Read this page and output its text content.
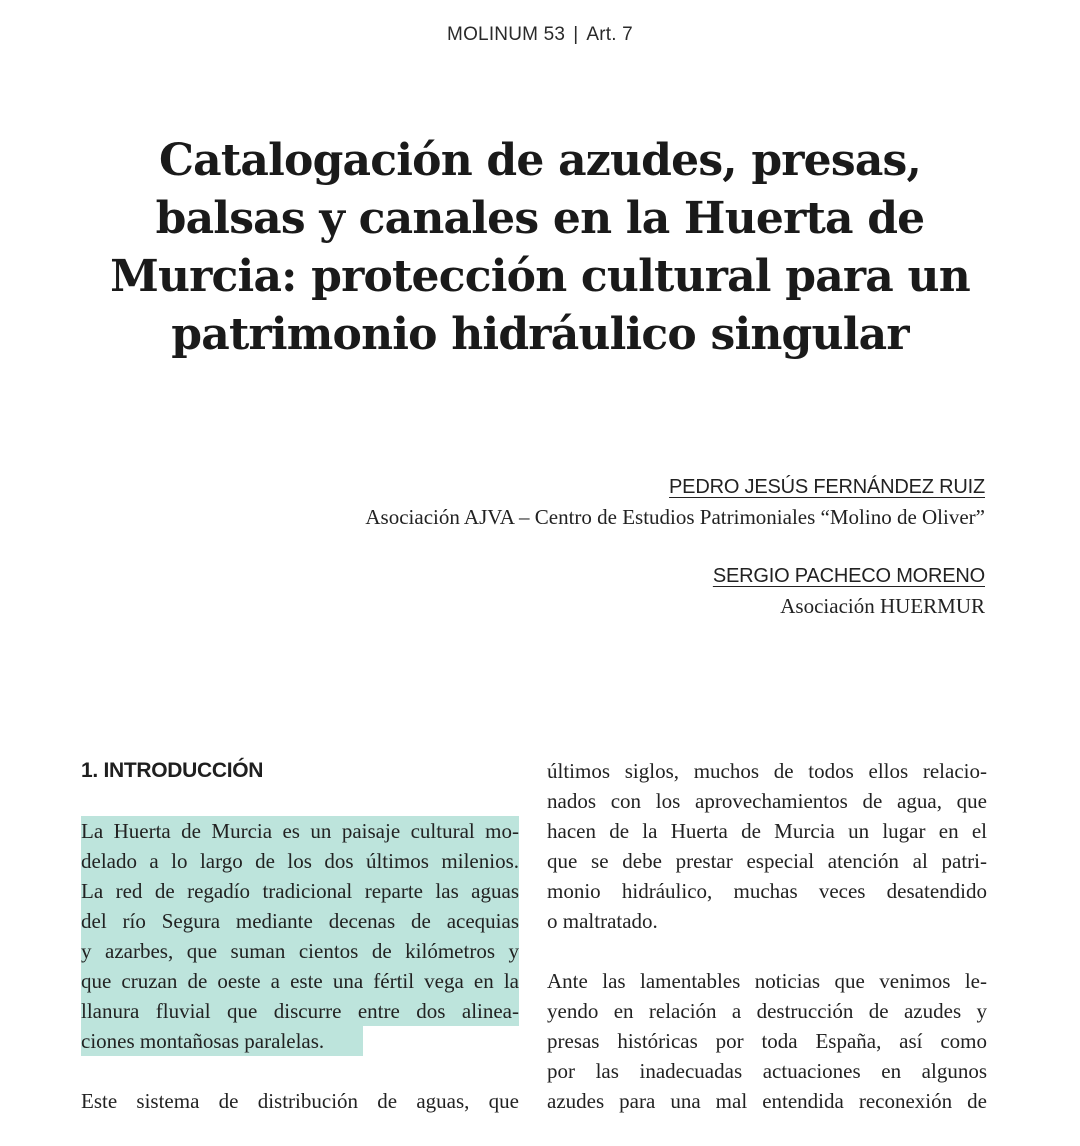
MOLINUM 53 | Art. 7
Catalogación de azudes, presas,
balsas y canales en la Huerta de
Murcia: protección cultural para un
patrimonio hidráulico singular
PEDRO JESÚS FERNÁNDEZ RUIZ
Asociación AJVA – Centro de Estudios Patrimoniales “Molino de Oliver”
SERGIO PACHECO MORENO
Asociación HUERMUR
1. INTRODUCCIÓN

La Huerta de Murcia es un paisaje cultural mo-
delado a lo largo de los dos últimos milenios.
La red de regadío tradicional reparte las aguas
del río Segura mediante decenas de acequias
y azarbes, que suman cientos de kilómetros y
que cruzan de oeste a este una fértil vega en la
llanura fluvial que discurre entre dos alinea-
ciones montañosas paralelas.

Este sistema de distribución de aguas, que

últimos siglos, muchos de todos ellos relacio-
nados con los aprovechamientos de agua, que
hacen de la Huerta de Murcia un lugar en el
que se debe prestar especial atención al patri-
monio hidráulico, muchas veces desatendido
o maltratado.

Ante las lamentables noticias que venimos le-
yendo en relación a destrucción de azudes y
presas históricas por toda España, así como
por las inadecuadas actuaciones en algunos
azudes para una mal entendida reconexión de
